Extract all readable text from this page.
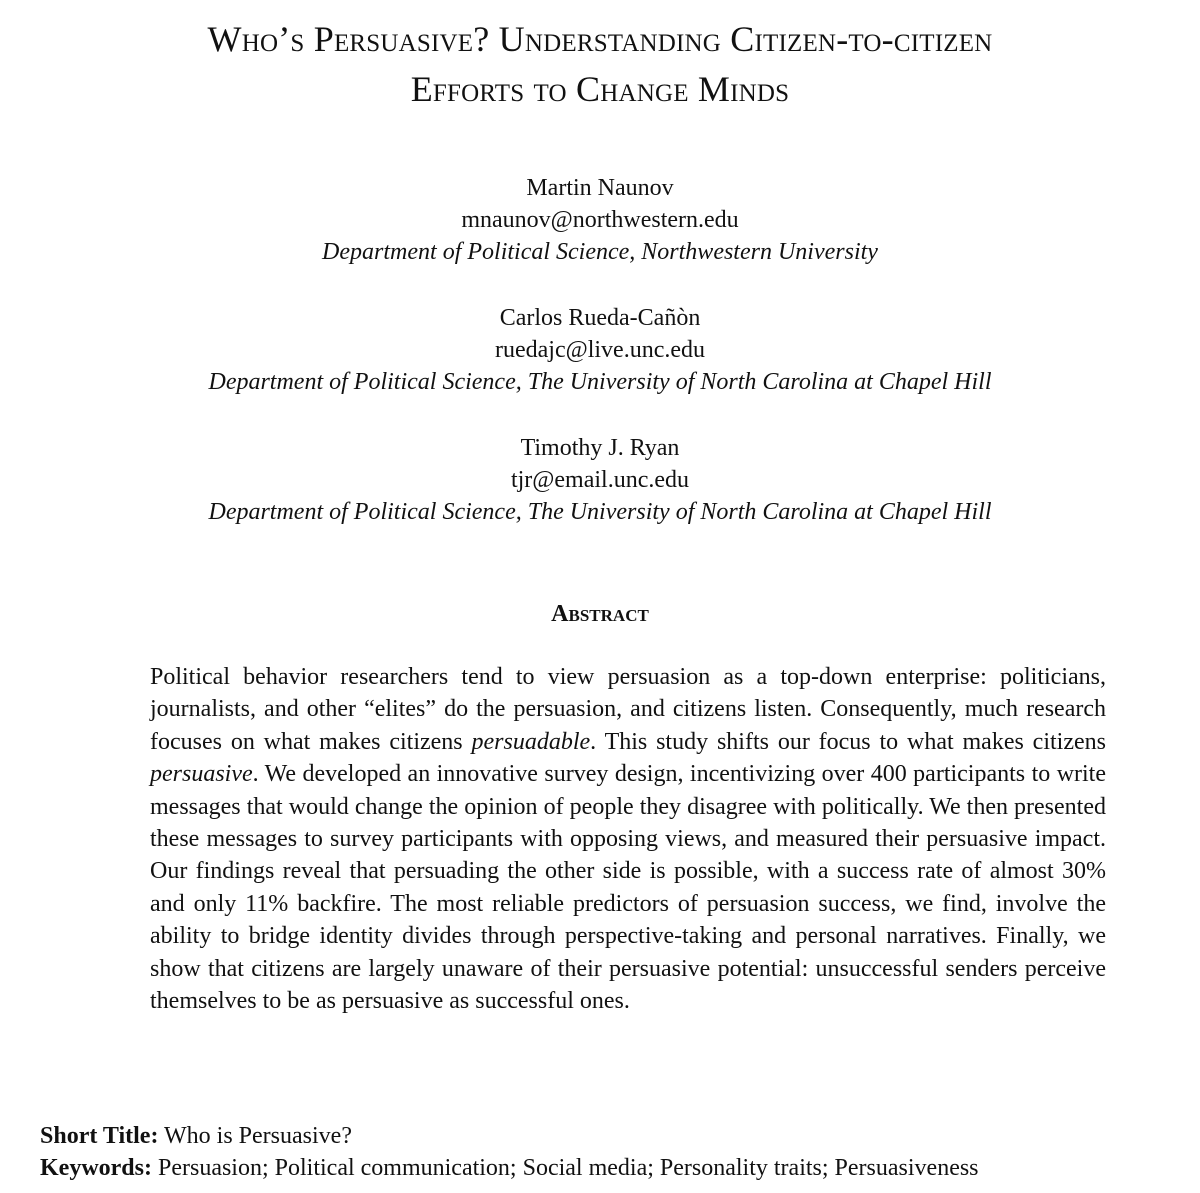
Who’s Persuasive? Understanding Citizen-to-citizen
Efforts to Change Minds
Martin Naunov
mnaunov@northwestern.edu
Department of Political Science, Northwestern University
Carlos Rueda-Cañòn
ruedajc@live.unc.edu
Department of Political Science, The University of North Carolina at Chapel Hill
Timothy J. Ryan
tjr@email.unc.edu
Department of Political Science, The University of North Carolina at Chapel Hill
Abstract
Political behavior researchers tend to view persuasion as a top-down enterprise: politicians, journalists, and other “elites” do the persuasion, and citizens listen. Consequently, much research focuses on what makes citizens persuadable. This study shifts our focus to what makes citizens persuasive. We developed an innovative survey design, incentivizing over 400 participants to write messages that would change the opinion of people they disagree with politically. We then presented these messages to survey participants with opposing views, and measured their persuasive impact. Our findings reveal that persuading the other side is possible, with a success rate of almost 30% and only 11% backfire. The most reliable predictors of persuasion success, we find, involve the ability to bridge identity divides through perspective-taking and personal narratives. Finally, we show that citizens are largely unaware of their persuasive potential: unsuccessful senders perceive themselves to be as persuasive as successful ones.
Short Title: Who is Persuasive?
Keywords: Persuasion; Political communication; Social media; Personality traits; Persuasiveness
